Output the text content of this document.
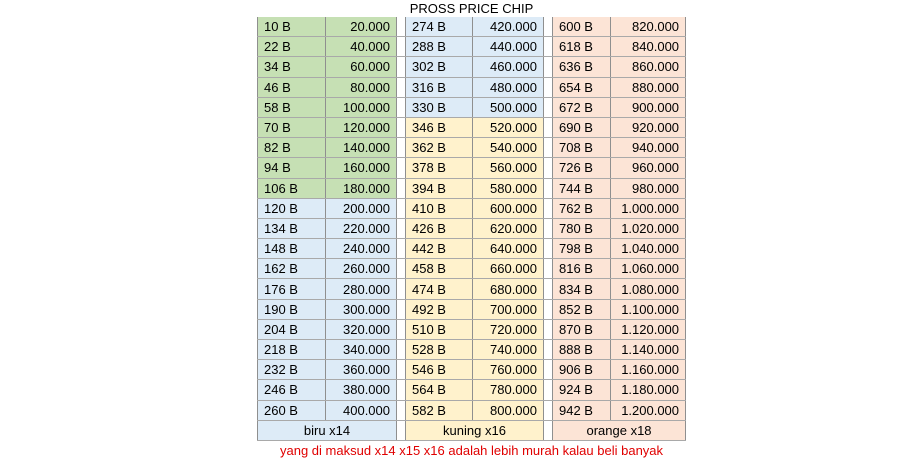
PROSS PRICE CHIP							
10 B	20.000		274 B	420.000		600 B	820.000
22 B	40.000		288 B	440.000		618 B	840.000
34 B	60.000		302 B	460.000		636 B	860.000
46 B	80.000		316 B	480.000		654 B	880.000
58 B	100.000		330 B	500.000		672 B	900.000
70 B	120.000		346 B	520.000		690 B	920.000
82 B	140.000		362 B	540.000		708 B	940.000
94 B	160.000		378 B	560.000		726 B	960.000
106 B	180.000		394 B	580.000		744 B	980.000
120 B	200.000		410 B	600.000		762 B	1.000.000
134 B	220.000		426 B	620.000		780 B	1.020.000
148 B	240.000		442 B	640.000		798 B	1.040.000
162 B	260.000		458 B	660.000		816 B	1.060.000
176 B	280.000		474 B	680.000		834 B	1.080.000
190 B	300.000		492 B	700.000		852 B	1.100.000
204 B	320.000		510 B	720.000		870 B	1.120.000
218 B	340.000		528 B	740.000		888 B	1.140.000
232 B	360.000		546 B	760.000		906 B	1.160.000
246 B	380.000		564 B	780.000		924 B	1.180.000
260 B	400.000		582 B	800.000		942 B	1.200.000
biru x14			kuning x16			orange x18	
yang di maksud x14 x15 x16 adalah lebih murah kalau beli banyak							
